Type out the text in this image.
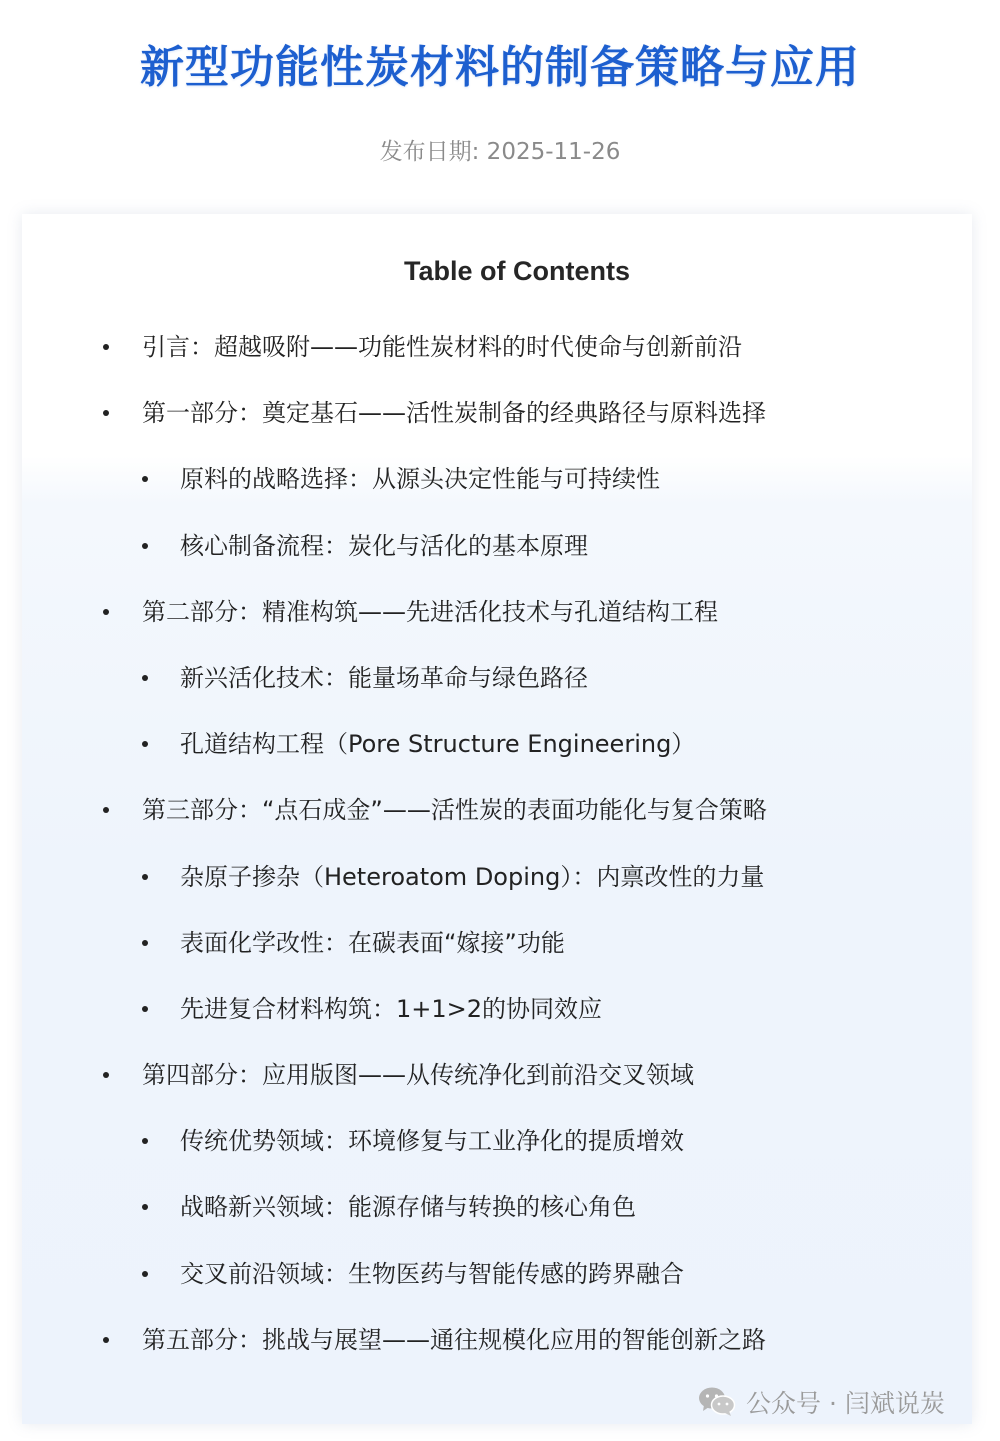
新型功能性炭材料的制备策略与应用
发布日期: 2025-11-26
Table of Contents
引言：超越吸附——功能性炭材料的时代使命与创新前沿
第一部分：奠定基石——活性炭制备的经典路径与原料选择
原料的战略选择：从源头决定性能与可持续性
核心制备流程：炭化与活化的基本原理
第二部分：精准构筑——先进活化技术与孔道结构工程
新兴活化技术：能量场革命与绿色路径
孔道结构工程（Pore Structure Engineering）
第三部分：“点石成金”——活性炭的表面功能化与复合策略
杂原子掺杂（Heteroatom Doping）：内禀改性的力量
表面化学改性：在碳表面“嫁接”功能
先进复合材料构筑：1+1>2的协同效应
第四部分：应用版图——从传统净化到前沿交叉领域
传统优势领域：环境修复与工业净化的提质增效
战略新兴领域：能源存储与转换的核心角色
交叉前沿领域：生物医药与智能传感的跨界融合
第五部分：挑战与展望——通往规模化应用的智能创新之路
公众号 · 闫斌说炭
